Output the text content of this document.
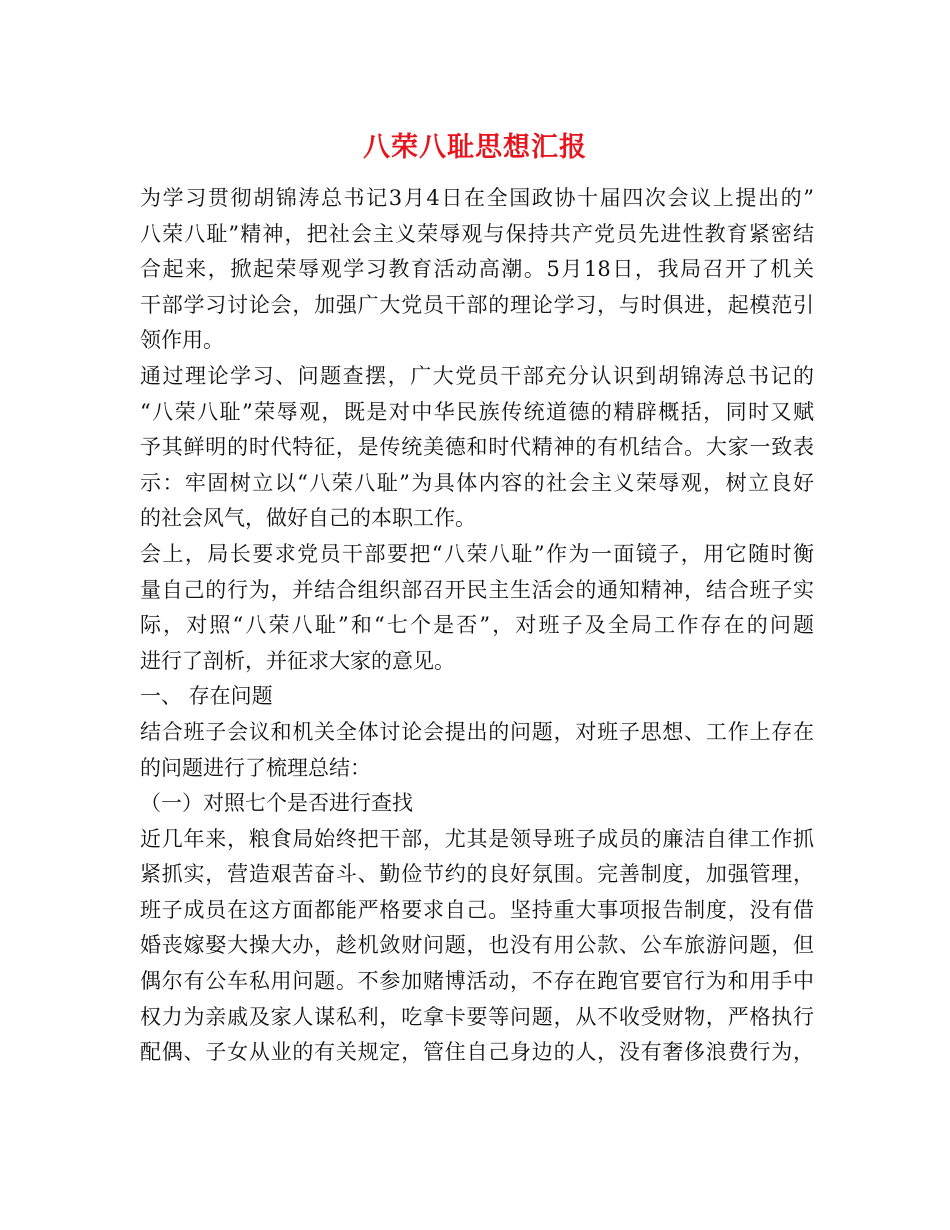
八荣八耻思想汇报
为学习贯彻胡锦涛总书记3月4日在全国政协十届四次会议上提出的”
八荣八耻”精神，把社会主义荣辱观与保持共产党员先进性教育紧密结
合起来，掀起荣辱观学习教育活动高潮。5月18日，我局召开了机关
干部学习讨论会，加强广大党员干部的理论学习，与时俱进，起模范引
领作用。
通过理论学习、问题查摆，广大党员干部充分认识到胡锦涛总书记的
“八荣八耻”荣辱观，既是对中华民族传统道德的精辟概括，同时又赋
予其鲜明的时代特征，是传统美德和时代精神的有机结合。大家一致表
示：牢固树立以“八荣八耻”为具体内容的社会主义荣辱观，树立良好
的社会风气，做好自己的本职工作。
会上，局长要求党员干部要把“八荣八耻”作为一面镜子，用它随时衡
量自己的行为，并结合组织部召开民主生活会的通知精神，结合班子实
际，对照“八荣八耻”和“七个是否”，对班子及全局工作存在的问题
进行了剖析，并征求大家的意见。
一、 存在问题
结合班子会议和机关全体讨论会提出的问题，对班子思想、工作上存在
的问题进行了梳理总结：
（一）对照七个是否进行查找
近几年来，粮食局始终把干部，尤其是领导班子成员的廉洁自律工作抓
紧抓实，营造艰苦奋斗、勤俭节约的良好氛围。完善制度，加强管理，
班子成员在这方面都能严格要求自己。坚持重大事项报告制度，没有借
婚丧嫁娶大操大办，趁机敛财问题，也没有用公款、公车旅游问题，但
偶尔有公车私用问题。不参加赌博活动，不存在跑官要官行为和用手中
权力为亲戚及家人谋私利，吃拿卡要等问题，从不收受财物，严格执行
配偶、子女从业的有关规定，管住自己身边的人，没有奢侈浪费行为，
